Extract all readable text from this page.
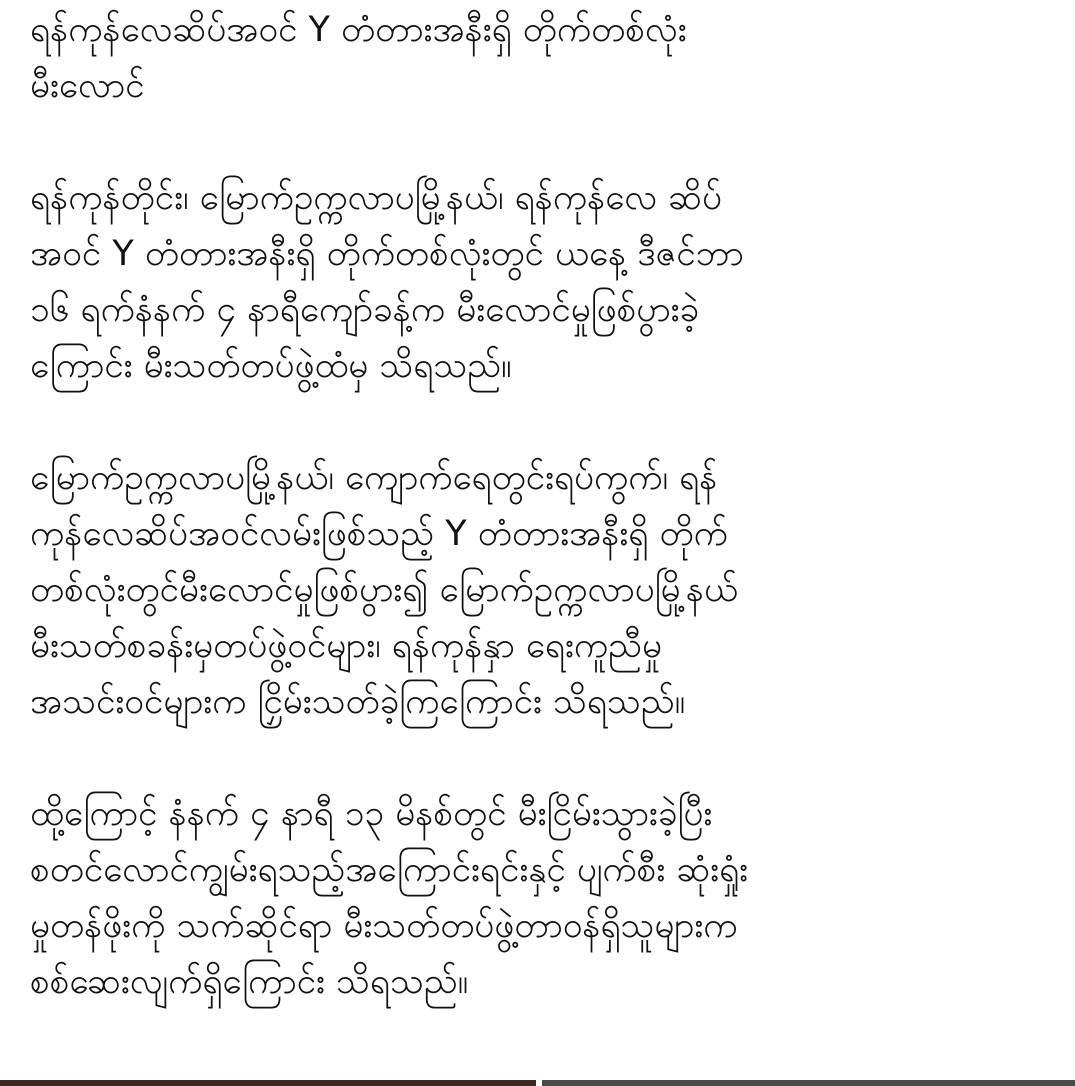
ရန်ကုန်လေဆိပ်အဝင် Y တံတားအနီးရှိ တိုက်တစ်လုံး
မီးလောင်
ရန်ကုန်တိုင်း၊ မြောက်ဥက္ကလာပမြို့နယ်၊ ရန်ကုန်လေ ဆိပ်
အဝင် Y တံတားအနီးရှိ တိုက်တစ်လုံးတွင် ယနေ့ ဒီဇင်ဘာ
၁၆ ရက်နံနက် ၄ နာရီကျော်ခန့်က မီးလောင်မှုဖြစ်ပွားခဲ့
ကြောင်း မီးသတ်တပ်ဖွဲ့ထံမှ သိရသည်။
မြောက်ဥက္ကလာပမြို့နယ်၊ ကျောက်ရေတွင်းရပ်ကွက်၊ ရန်
ကုန်လေဆိပ်အဝင်လမ်းဖြစ်သည့် Y တံတားအနီးရှိ တိုက်
တစ်လုံးတွင်မီးလောင်မှုဖြစ်ပွား၍ မြောက်ဥက္ကလာပမြို့နယ်
မီးသတ်စခန်းမှတပ်ဖွဲ့ဝင်များ၊ ရန်ကုန်နှာ ရေးကူညီမှု
အသင်းဝင်များက ငြှိမ်းသတ်ခဲ့ကြကြောင်း သိရသည်။
ထို့ကြောင့် နံနက် ၄ နာရီ ၁၃ မိနစ်တွင် မီးငြိမ်းသွားခဲ့ပြီး
စတင်လောင်ကျွမ်းရသည့်အကြောင်းရင်းနှင့် ပျက်စီး ဆုံးရှုံး
မှုတန်ဖိုးကို သက်ဆိုင်ရာ မီးသတ်တပ်ဖွဲ့တာဝန်ရှိသူများက
စစ်ဆေးလျက်ရှိကြောင်း သိရသည်။
